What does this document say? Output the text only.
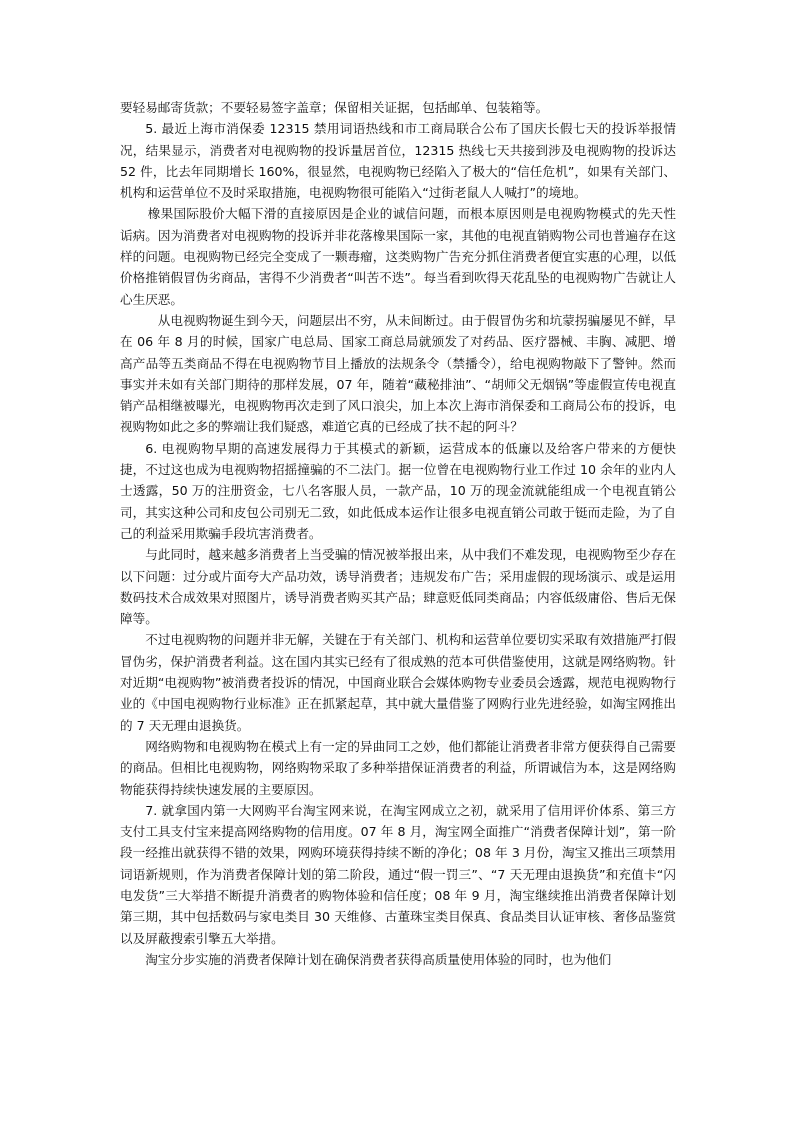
要轻易邮寄货款；不要轻易签字盖章；保留相关证据，包括邮单、包装箱等。

5. 最近上海市消保委 12315 禁用词语热线和市工商局联合公布了国庆长假七天的投诉举报情况，结果显示，消费者对电视购物的投诉量居首位，12315 热线七天共接到涉及电视购物的投诉达 52 件，比去年同期增长 160%，很显然，电视购物已经陷入了极大的“信任危机”，如果有关部门、机构和运营单位不及时采取措施，电视购物很可能陷入“过街老鼠人人喊打”的境地。

橡果国际股价大幅下滑的直接原因是企业的诚信问题，而根本原因则是电视购物模式的先天性诟病。因为消费者对电视购物的投诉并非花落橡果国际一家，其他的电视直销购物公司也普遍存在这样的问题。电视购物已经完全变成了一颗毒瘤，这类购物广告充分抓住消费者便宜实惠的心理，以低价格推销假冒伪劣商品，害得不少消费者“叫苦不迭”。每当看到吹得天花乱坠的电视购物广告就让人心生厌恶。

从电视购物诞生到今天，问题层出不穷，从未间断过。由于假冒伪劣和坑蒙拐骗屡见不鲜，早在 06 年 8 月的时候，国家广电总局、国家工商总局就颁发了对药品、医疗器械、丰胸、减肥、增高产品等五类商品不得在电视购物节目上播放的法规条令（禁播令），给电视购物敲下了警钟。然而事实并未如有关部门期待的那样发展，07 年，随着“藏秘排油”、“胡师父无烟锅”等虚假宣传电视直销产品相继被曝光，电视购物再次走到了风口浪尖，加上本次上海市消保委和工商局公布的投诉，电视购物如此之多的弊端让我们疑惑，难道它真的已经成了扶不起的阿斗？

6. 电视购物早期的高速发展得力于其模式的新颖，运营成本的低廉以及给客户带来的方便快捷，不过这也成为电视购物招摇撞骗的不二法门。据一位曾在电视购物行业工作过 10 余年的业内人士透露，50 万的注册资金，七八名客服人员，一款产品，10 万的现金流就能组成一个电视直销公司，其实这种公司和皮包公司别无二致，如此低成本运作让很多电视直销公司敢于铤而走险，为了自己的利益采用欺骗手段坑害消费者。

与此同时，越来越多消费者上当受骗的情况被举报出来，从中我们不难发现，电视购物至少存在以下问题：过分或片面夸大产品功效，诱导消费者；违规发布广告；采用虚假的现场演示、或是运用数码技术合成效果对照图片，诱导消费者购买其产品；肆意贬低同类商品；内容低级庸俗、售后无保障等。

不过电视购物的问题并非无解，关键在于有关部门、机构和运营单位要切实采取有效措施严打假冒伪劣，保护消费者利益。这在国内其实已经有了很成熟的范本可供借鉴使用，这就是网络购物。针对近期“电视购物”被消费者投诉的情况，中国商业联合会媒体购物专业委员会透露，规范电视购物行业的《中国电视购物行业标准》正在抓紧起草，其中就大量借鉴了网购行业先进经验，如淘宝网推出的 7 天无理由退换货。

网络购物和电视购物在模式上有一定的异曲同工之妙，他们都能让消费者非常方便获得自己需要的商品。但相比电视购物，网络购物采取了多种举措保证消费者的利益，所谓诚信为本，这是网络购物能获得持续快速发展的主要原因。

7. 就拿国内第一大网购平台淘宝网来说，在淘宝网成立之初，就采用了信用评价体系、第三方支付工具支付宝来提高网络购物的信用度。07 年 8 月，淘宝网全面推广“消费者保障计划”，第一阶段一经推出就获得不错的效果，网购环境获得持续不断的净化；08 年 3 月份，淘宝又推出三项禁用词语新规则，作为消费者保障计划的第二阶段，通过“假一罚三”、“7 天无理由退换货”和充值卡“闪电发货”三大举措不断提升消费者的购物体验和信任度；08 年 9 月，淘宝继续推出消费者保障计划第三期，其中包括数码与家电类目 30 天维修、古董珠宝类目保真、食品类目认证审核、奢侈品鉴赏以及屏蔽搜索引擎五大举措。

淘宝分步实施的消费者保障计划在确保消费者获得高质量使用体验的同时，也为他们
